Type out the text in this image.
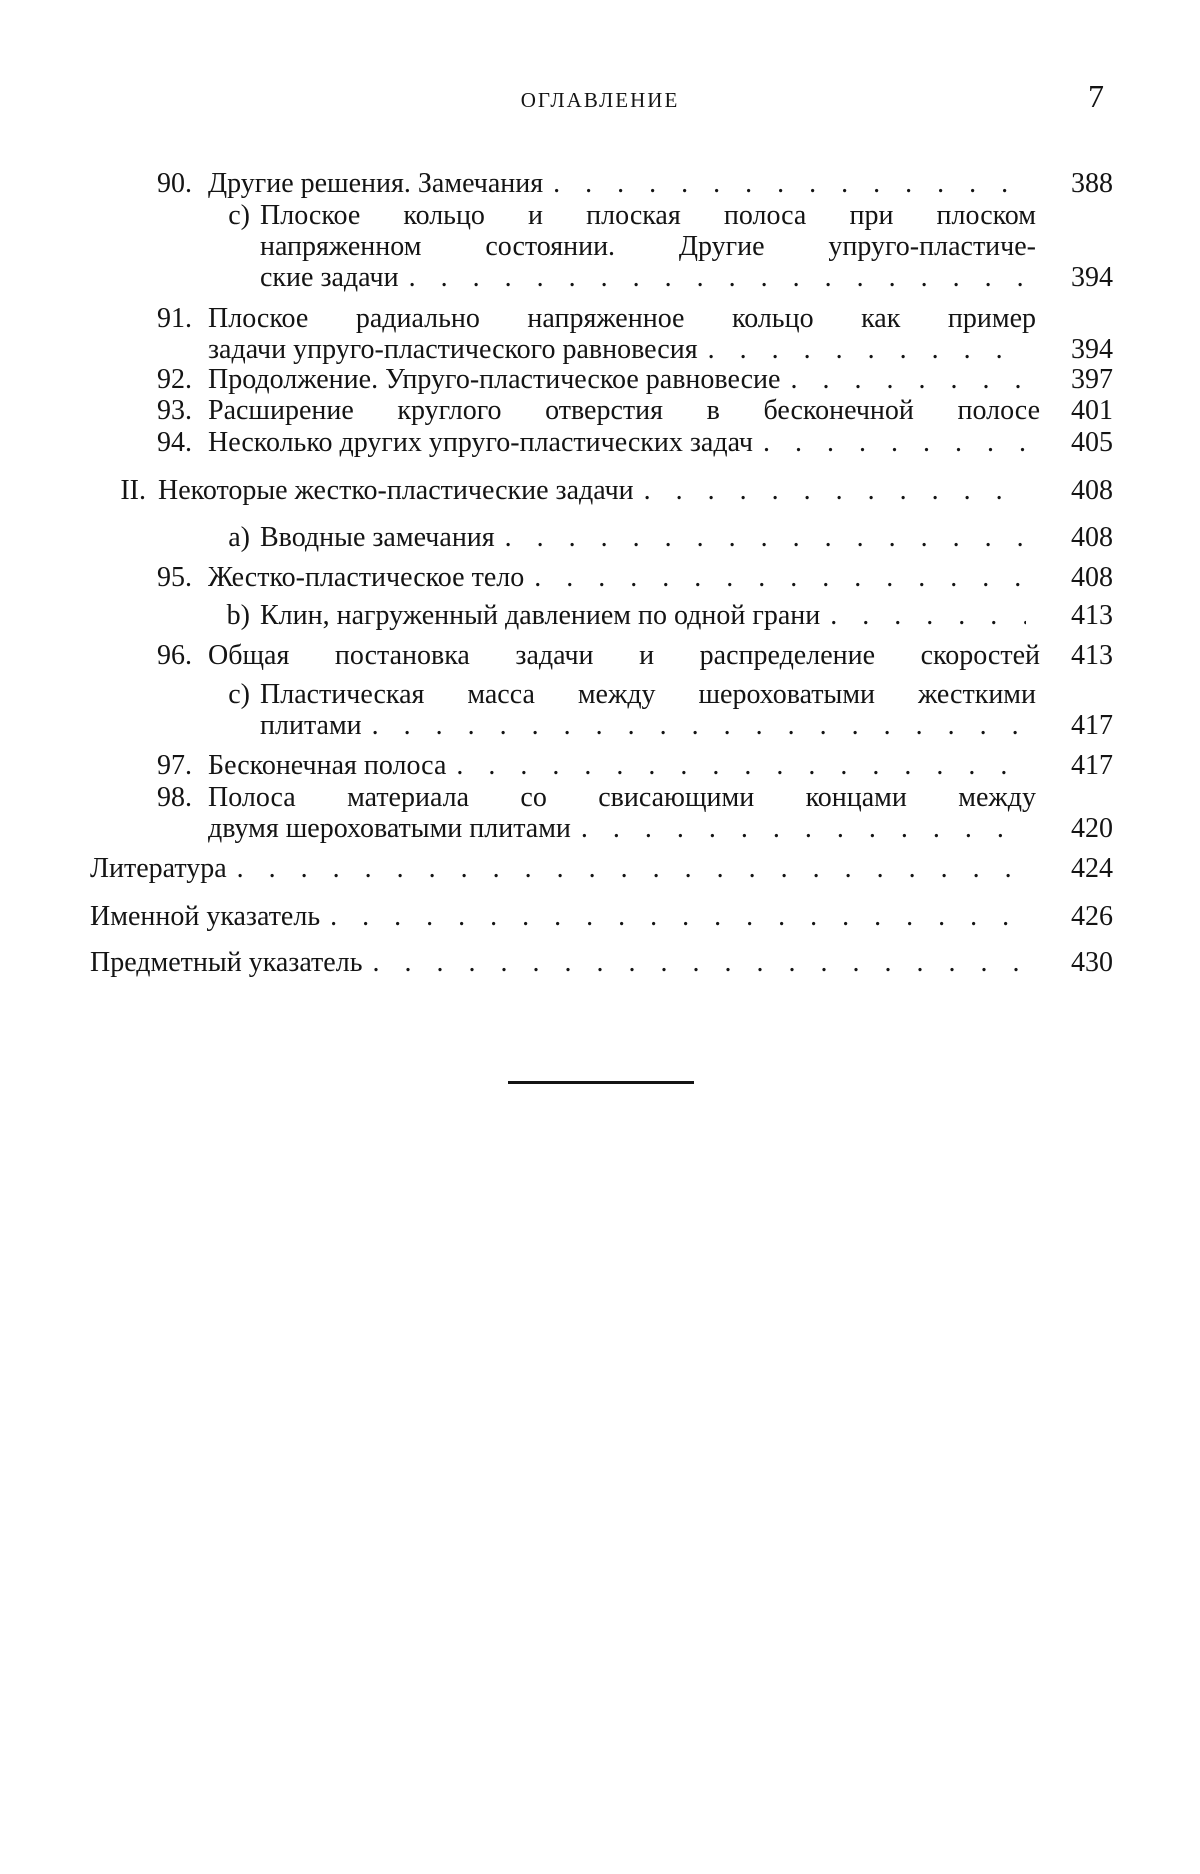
ОГЛАВЛЕНИЕ	7
90. Другие решения. Замечания . . .	388
c) Плоское кольцо и плоская полоса при плоском
напряженном состоянии. Другие упруго-пластиче-
ские задачи . . .	394
91. Плоское радиально напряженное кольцо как пример
задачи упруго-пластического равновесия . . .	394
92. Продолжение. Упруго-пластическое равновесие . . .	397
93. Расширение круглого отверстия в бесконечной полосе 401
94. Несколько других упруго-пластических задач . . .	405
II. Некоторые жестко-пластические задачи . . .	408
a) Вводные замечания . . .	408
95. Жестко-пластическое тело . . .	408
b) Клин, нагруженный давлением по одной грани . . .	413
96. Общая постановка задачи и распределение скоростей 413
c) Пластическая масса между шероховатыми жесткими
плитами . . .	417
97. Бесконечная полоса . . .	417
98. Полоса материала со свисающими концами между
двумя шероховатыми плитами . . .	420
Литература . . .	424
Именной указатель . . .	426
Предметный указатель . . .	430
